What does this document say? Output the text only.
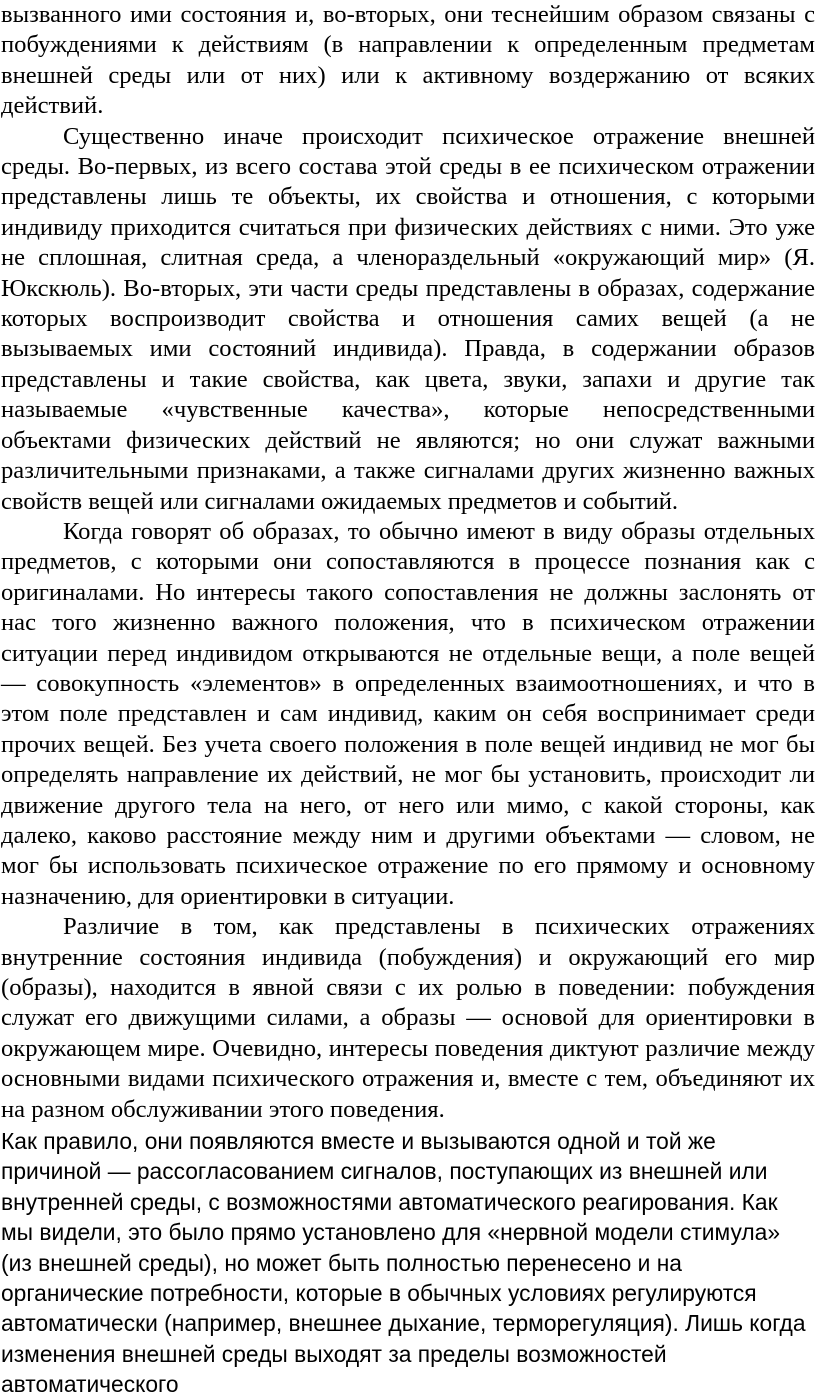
вызванного ими состояния и, во-вторых, они теснейшим образом связаны с побуждениями к действиям (в направлении к определенным предметам внешней среды или от них) или к активному воздержанию от всяких действий.

Существенно иначе происходит психическое отражение внешней среды. Во-первых, из всего состава этой среды в ее психическом отражении представлены лишь те объекты, их свойства и отношения, с которыми индивиду приходится считаться при физических действиях с ними. Это уже не сплошная, слитная среда, а членораздельный «окружающий мир» (Я. Юкскюль). Во-вторых, эти части среды представлены в образах, содержание которых воспроизводит свойства и отношения самих вещей (а не вызываемых ими состояний индивида). Правда, в содержании образов представлены и такие свойства, как цвета, звуки, запахи и другие так называемые «чувственные качества», которые непосредственными объектами физических действий не являются; но они служат важными различительными признаками, а также сигналами других жизненно важных свойств вещей или сигналами ожидаемых предметов и событий.

Когда говорят об образах, то обычно имеют в виду образы отдельных предметов, с которыми они сопоставляются в процессе познания как с оригиналами. Но интересы такого сопоставления не должны заслонять от нас того жизненно важного положения, что в психическом отражении ситуации перед индивидом открываются не отдельные вещи, а поле вещей — совокупность «элементов» в определенных взаимоотношениях, и что в этом поле представлен и сам индивид, каким он себя воспринимает среди прочих вещей. Без учета своего положения в поле вещей индивид не мог бы определять направление их действий, не мог бы установить, происходит ли движение другого тела на него, от него или мимо, с какой стороны, как далеко, каково расстояние между ним и другими объектами — словом, не мог бы использовать психическое отражение по его прямому и основному назначению, для ориентировки в ситуации.

Различие в том, как представлены в психических отражениях внутренние состояния индивида (побуждения) и окружающий его мир (образы), находится в явной связи с их ролью в поведении: побуждения служат его движущими силами, а образы — основой для ориентировки в окружающем мире. Очевидно, интересы поведения диктуют различие между основными видами психического отражения и, вместе с тем, объединяют их на разном обслуживании этого поведения.

Как правило, они появляются вместе и вызываются одной и той же причиной — рассогласованием сигналов, поступающих из внешней или внутренней среды, с возможностями автоматического реагирования. Как мы видели, это было прямо установлено для «нервной модели стимула» (из внешней среды), но может быть полностью перенесено и на органические потребности, которые в обычных условиях регулируются автоматически (например, внешнее дыхание, терморегуляция). Лишь когда изменения внешней среды выходят за пределы возможностей автоматического
